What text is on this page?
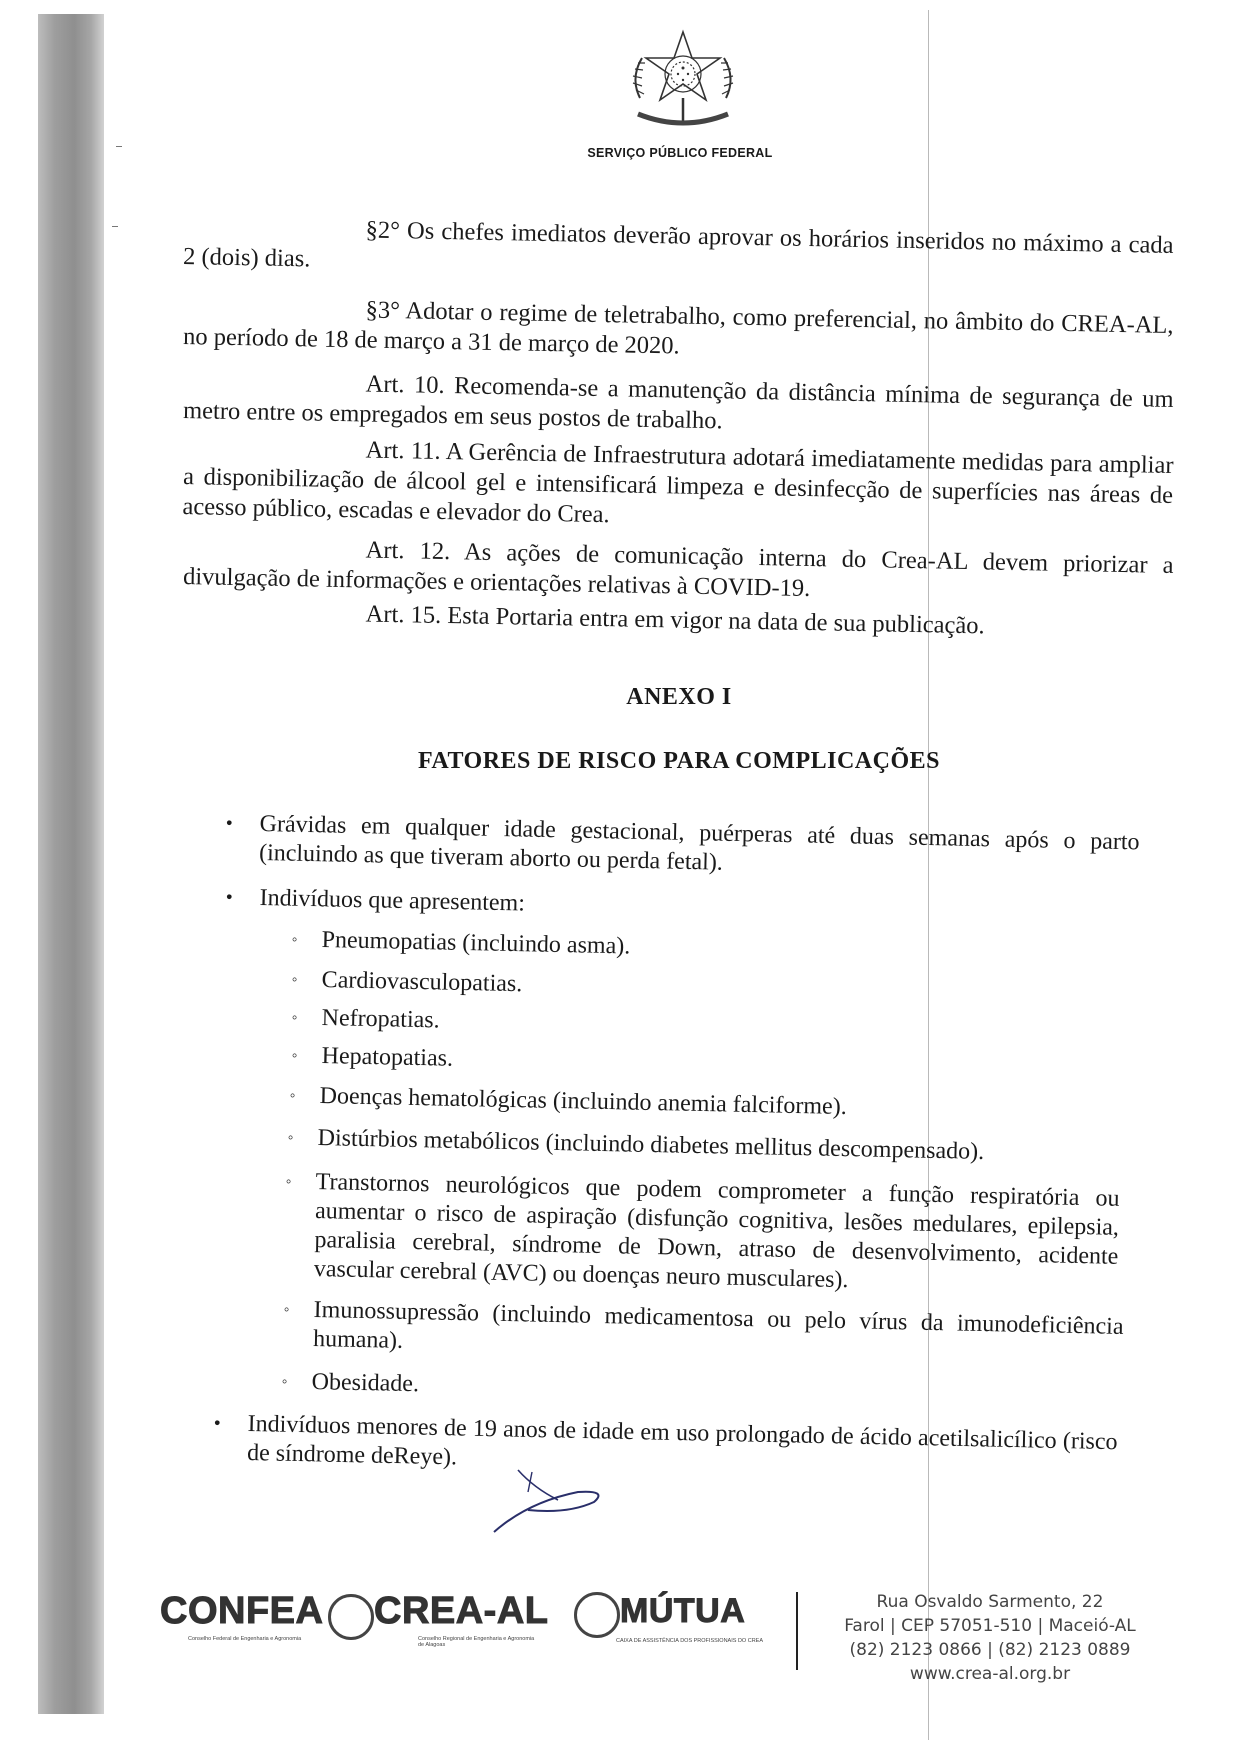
SERVIÇO PÚBLICO FEDERAL
§2° Os chefes imediatos deverão aprovar os horários inseridos no máximo a cada 2 (dois) dias.
§3° Adotar o regime de teletrabalho, como preferencial, no âmbito do CREA-AL, no período de 18 de março a 31 de março de 2020.
Art. 10. Recomenda-se a manutenção da distância mínima de segurança de um metro entre os empregados em seus postos de trabalho.
Art. 11. A Gerência de Infraestrutura adotará imediatamente medidas para ampliar a disponibilização de álcool gel e intensificará limpeza e desinfecção de superfícies nas áreas de acesso público, escadas e elevador do Crea.
Art. 12. As ações de comunicação interna do Crea-AL devem priorizar a divulgação de informações e orientações relativas à COVID-19.
Art. 15. Esta Portaria entra em vigor na data de sua publicação.
ANEXO I
FATORES DE RISCO PARA COMPLICAÇÕES
• Grávidas em qualquer idade gestacional, puérperas até duas semanas após o parto (incluindo as que tiveram aborto ou perda fetal).
• Indivíduos que apresentem:
◦ Pneumopatias (incluindo asma).
◦ Cardiovasculopatias.
◦ Nefropatias.
◦ Hepatopatias.
◦ Doenças hematológicas (incluindo anemia falciforme).
◦ Distúrbios metabólicos (incluindo diabetes mellitus descompensado).
◦ Transtornos neurológicos que podem comprometer a função respiratória ou aumentar o risco de aspiração (disfunção cognitiva, lesões medulares, epilepsia, paralisia cerebral, síndrome de Down, atraso de desenvolvimento, acidente vascular cerebral (AVC) ou doenças neuro musculares).
◦ Imunossupressão (incluindo medicamentosa ou pelo vírus da imunodeficiência humana).
◦ Obesidade.
• Indivíduos menores de 19 anos de idade em uso prolongado de ácido acetilsalicílico (risco de síndrome deReye).
CONFEA
Conselho Federal de Engenharia e Agronomia
CREA-AL
Conselho Regional de Engenharia e Agronomia de Alagoas
MÚTUA
CAIXA DE ASSISTÊNCIA DOS PROFISSIONAIS DO CREA
Rua Osvaldo Sarmento, 22
Farol | CEP 57051-510 | Maceió-AL
(82) 2123 0866 | (82) 2123 0889
www.crea-al.org.br
